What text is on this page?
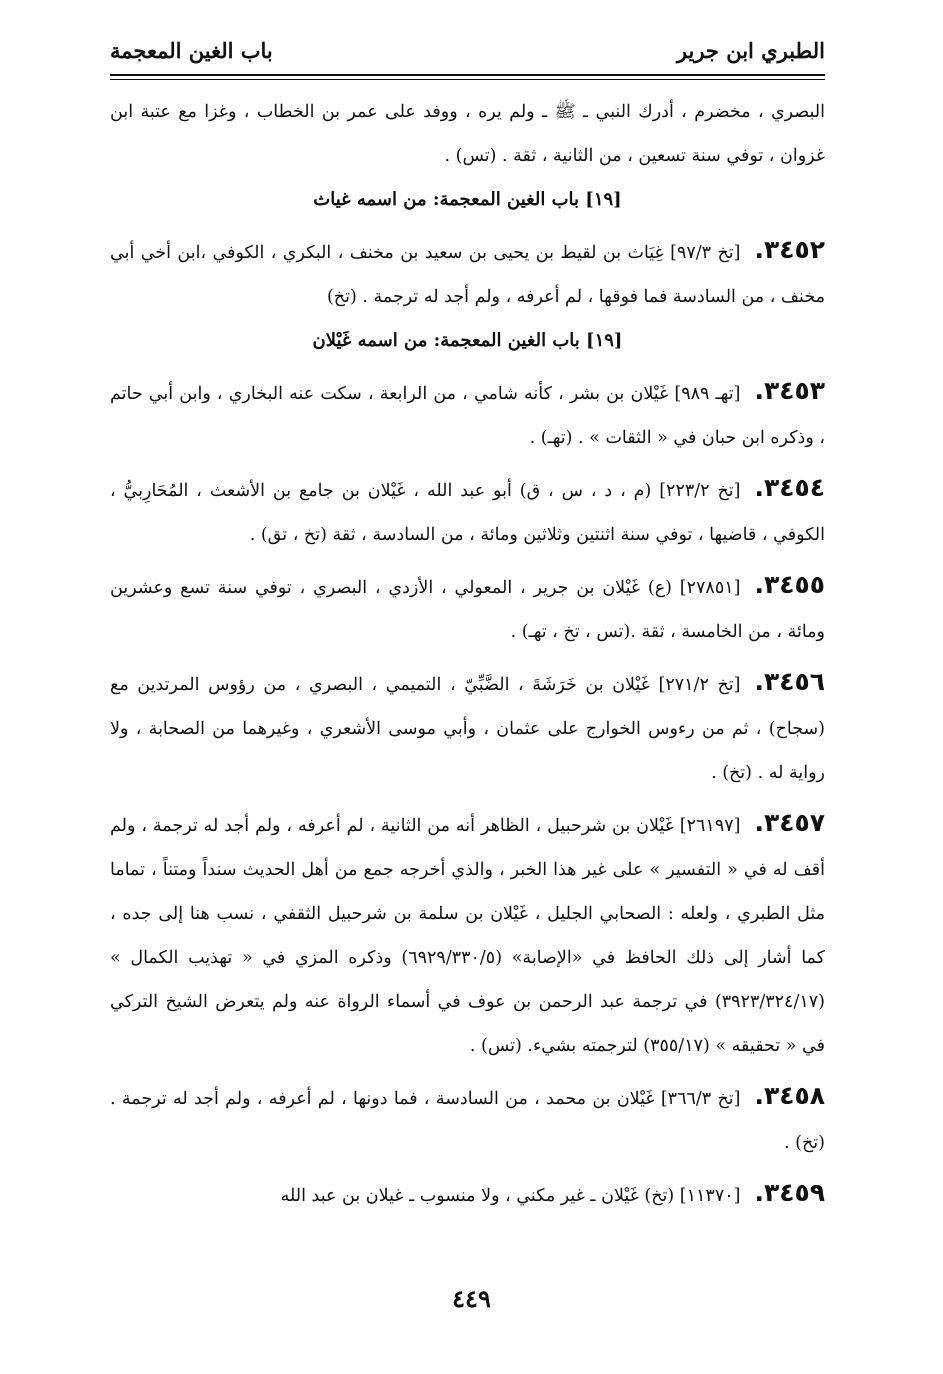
الطبري ابن جرير
باب الغين المعجمة

البصري ، مخضرم ، أدرك النبي ـ ﷺ ـ ولم يره ، ووفد على عمر بن الخطاب ، وغزا مع عتبة ابن غزوان ، توفي سنة تسعين ، من الثانية ، ثقة . (تس) .

[١٩] باب الغين المعجمة: من اسمه غياث

٣٤٥٢.[تخ ٩٧/٣] غِيَاث بن لقيط بن يحيى بن سعيد بن مخنف ، البكري ، الكوفي ،ابن أخي أبي مخنف ، من السادسة فما فوقها ، لم أعرفه ، ولم أجد له ترجمة . (تخ)

[١٩] باب الغين المعجمة: من اسمه غَيْلان

٣٤٥٣.[تهـ ٩٨٩] غَيْلان بن بشر ، كأنه شامي ، من الرابعة ، سكت عنه البخاري ، وابن أبي حاتم ، وذكره ابن حبان في « الثقات » . (تهـ) .

٣٤٥٤.[تخ ٢٢٣/٢] (م ، د ، س ، ق) أبو عبد الله ، غَيْلان بن جامع بن الأشعث ، المُحَارِبيُّ ، الكوفي ، قاضيها ، توفي سنة اثنتين وثلاثين ومائة ، من السادسة ، ثقة (تخ ، تق) .

٣٤٥٥.[٢٧٨٥١] (ع) غَيْلان بن جرير ، المعولي ، الأزدي ، البصري ، توفي سنة تسع وعشرين ومائة ، من الخامسة ، ثقة .(تس ، تخ ، تهـ) .

٣٤٥٦.[تخ ٢٧١/٢] غَيْلان بن خَرَشَةَ ، الضَّبِّيّ ، التميمي ، البصري ، من رؤوس المرتدين مع (سجاح) ، ثم من رءوس الخوارج على عثمان ، وأبي موسى الأشعري ، وغيرهما من الصحابة ، ولا رواية له . (تخ) .

٣٤٥٧.[٢٦١٩٧] غَيْلان بن شرحبيل ، الظاهر أنه من الثانية ، لم أعرفه ، ولم أجد له ترجمة ، ولم أقف له في « التفسير » على غير هذا الخبر ، والذي أخرجه جمع من أهل الحديث سنداً ومتناً ، تماما مثل الطبري ، ولعله : الصحابي الجليل ، غَيْلان بن سلمة بن شرحبيل الثقفي ، نسب هنا إلى جده ، كما أشار إلى ذلك الحافظ في «الإصابة» (٦٩٢٩/٣٣٠/٥) وذكره المزي في « تهذيب الكمال » (٣٩٢٣/٣٢٤/١٧) في ترجمة عبد الرحمن بن عوف في أسماء الرواة عنه ولم يتعرض الشيخ التركي في « تحقيقه » (٣٥٥/١٧) لترجمته بشيء. (تس) .

٣٤٥٨.[تخ ٣٦٦/٣] غَيْلان بن محمد ، من السادسة ، فما دونها ، لم أعرفه ، ولم أجد له ترجمة . (تخ) .

٣٤٥٩.[١١٣٧٠] (تخ) غَيْلان ـ غير مكني ، ولا منسوب ـ غيلان بن عبد الله

٤٤٩
